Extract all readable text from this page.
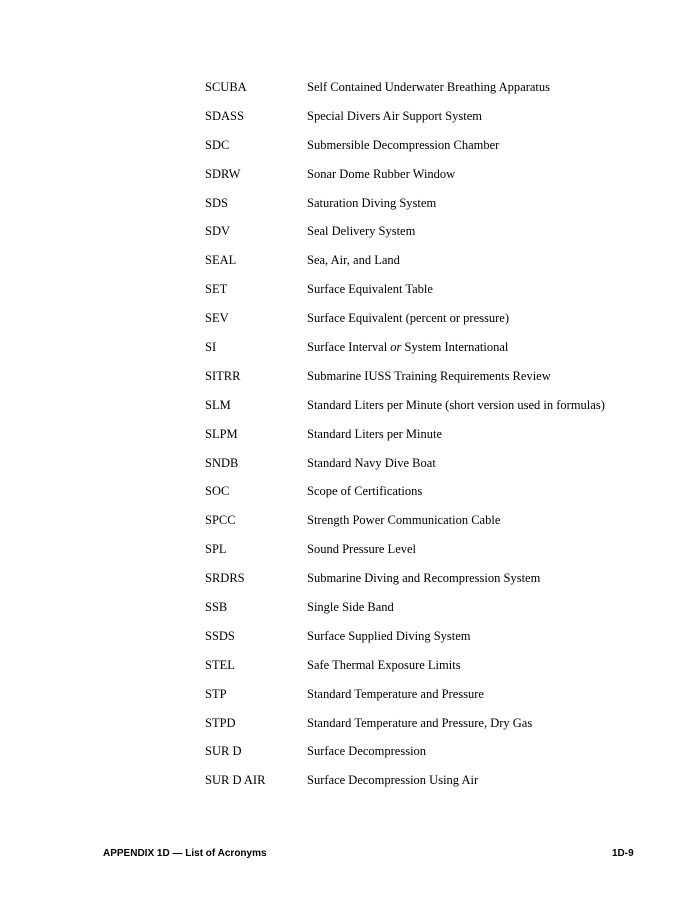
SCUBA	Self Contained Underwater Breathing Apparatus
SDASS	Special Divers Air Support System
SDC	Submersible Decompression Chamber
SDRW	Sonar Dome Rubber Window
SDS	Saturation Diving System
SDV	Seal Delivery System
SEAL	Sea, Air, and Land
SET	Surface Equivalent Table
SEV	Surface Equivalent (percent or pressure)
SI	Surface Interval or System International
SITRR	Submarine IUSS Training Requirements Review
SLM	Standard Liters per Minute (short version used in formulas)
SLPM	Standard Liters per Minute
SNDB	Standard Navy Dive Boat
SOC	Scope of Certifications
SPCC	Strength Power Communication Cable
SPL	Sound Pressure Level
SRDRS	Submarine Diving and Recompression System
SSB	Single Side Band
SSDS	Surface Supplied Diving System
STEL	Safe Thermal Exposure Limits
STP	Standard Temperature and Pressure
STPD	Standard Temperature and Pressure, Dry Gas
SUR D	Surface Decompression
SUR D AIR	Surface Decompression Using Air
APPENDIX 1D — List of Acronyms	1D-9
